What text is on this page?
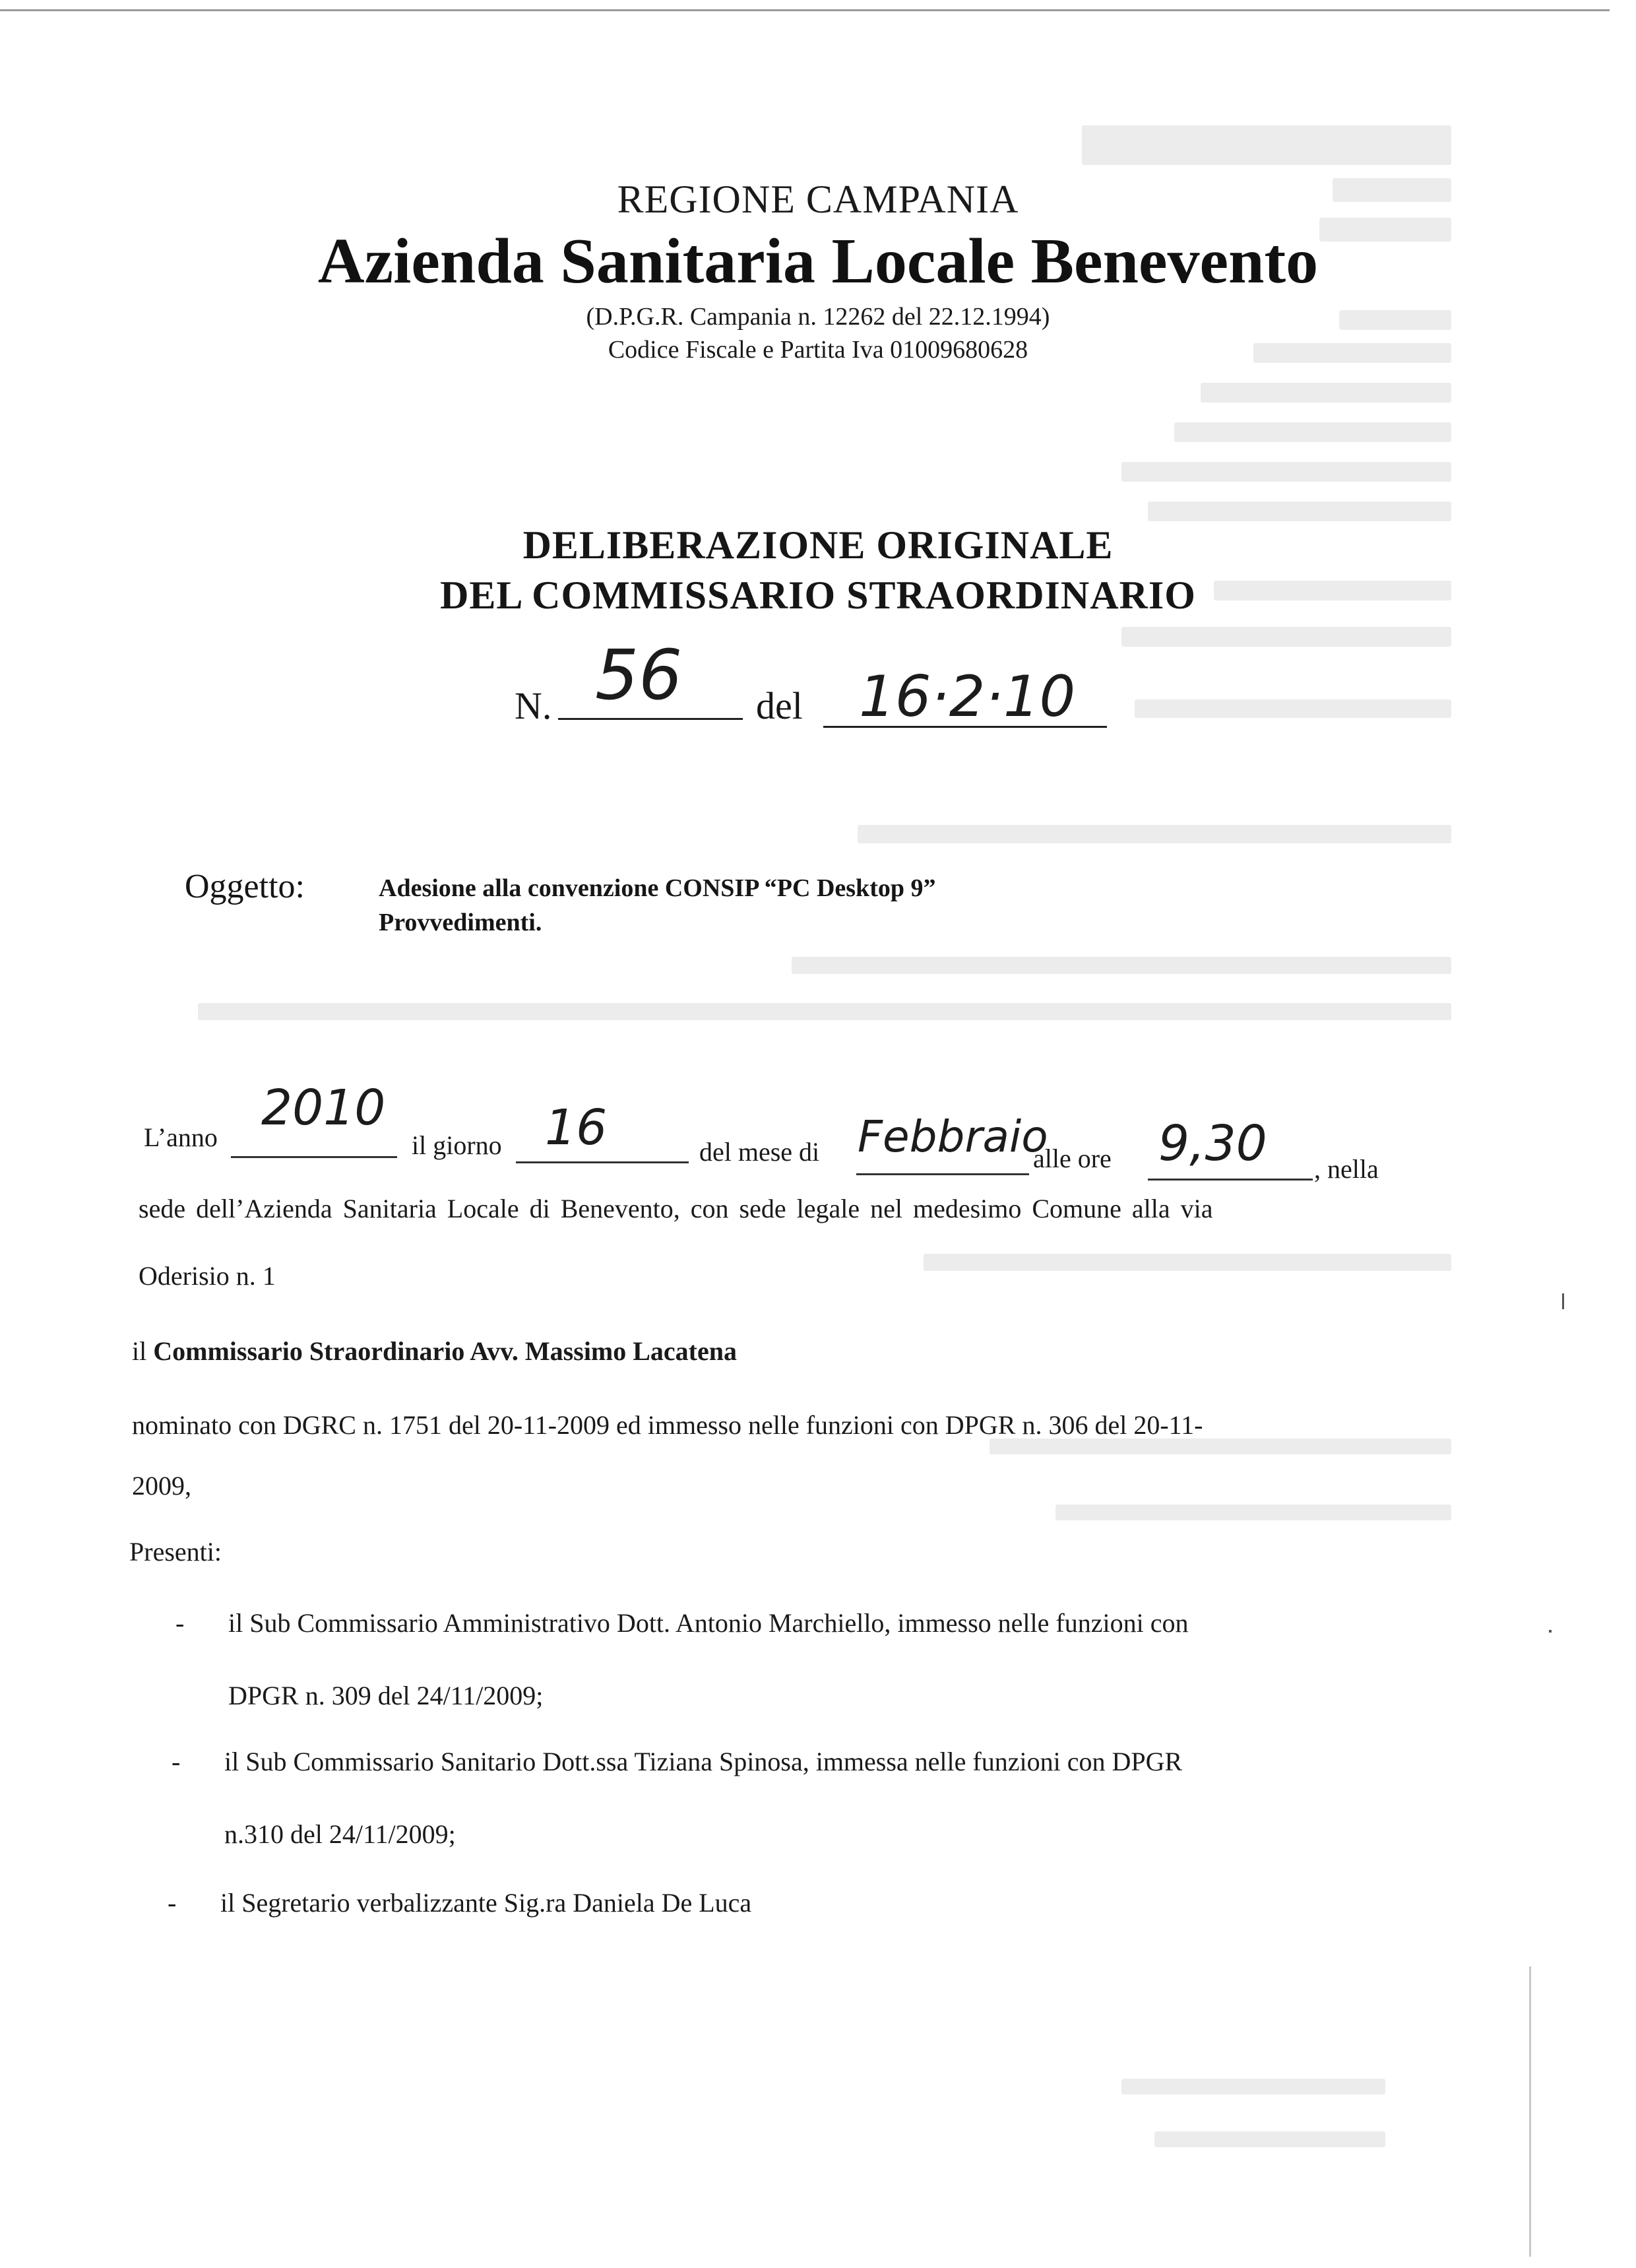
REGIONE CAMPANIA
Azienda Sanitaria Locale Benevento
(D.P.G.R. Campania n. 12262 del 22.12.1994)
Codice Fiscale e Partita Iva 01009680628
DELIBERAZIONE ORIGINALE
DEL COMMISSARIO STRAORDINARIO
N. 56 del 16·2·10
Oggetto:	Adesione alla convenzione CONSIP “PC Desktop 9”
Provvedimenti.
L’anno
2010
il giorno 16	del mese di Febbraio
alle ore 9,30 , nella
sede dell’Azienda Sanitaria Locale di Benevento, con sede legale nel medesimo Comune alla via
Oderisio n. 1
il Commissario Straordinario Avv. Massimo Lacatena
nominato con DGRC n. 1751 del 20-11-2009 ed immesso nelle funzioni con DPGR n. 306 del 20-11-
2009,
Presenti:
- il Sub Commissario Amministrativo Dott. Antonio Marchiello, immesso nelle funzioni con
DPGR n. 309 del 24/11/2009;
- il Sub Commissario Sanitario Dott.ssa Tiziana Spinosa, immessa nelle funzioni con DPGR
n.310 del 24/11/2009;
- il Segretario verbalizzante Sig.ra Daniela De Luca
